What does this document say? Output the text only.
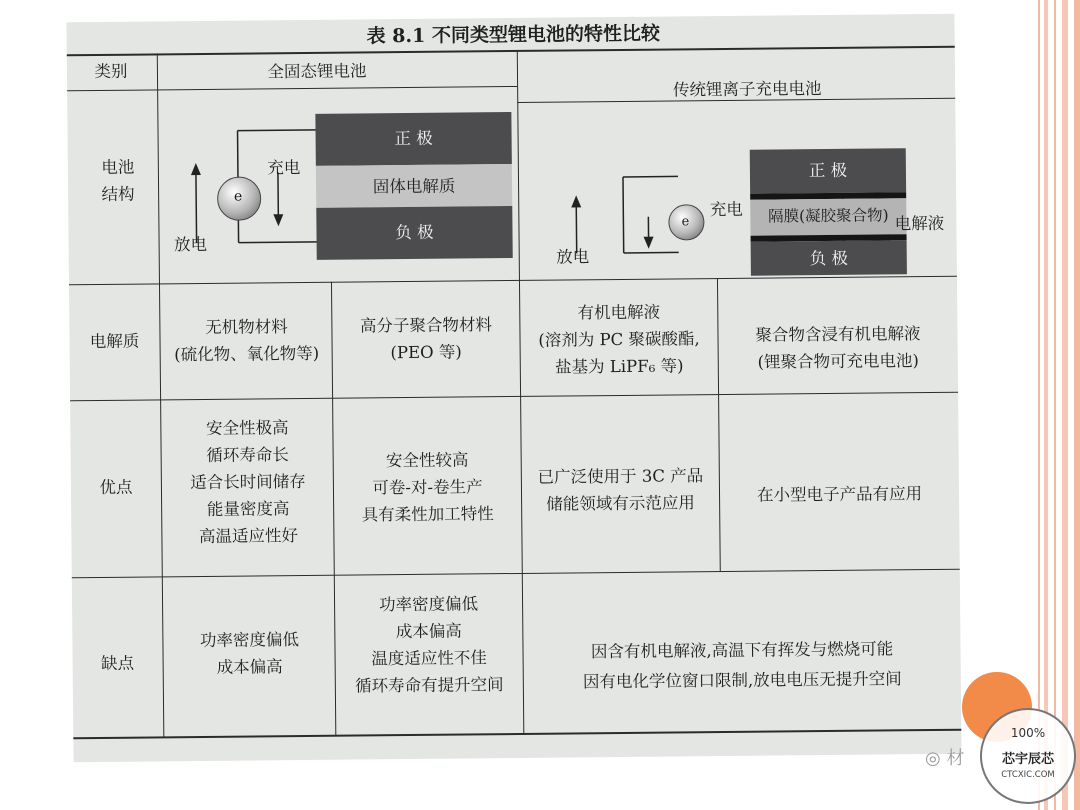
表 8.1 不同类型锂电池的特性比较
类别	全固态锂电池
传统锂离子充电电池
电池
结构
电解质
优点
缺点
e
充电
放电
正 极
固体电解质
负 极
e
充电
放电
正 极
隔膜(凝胶聚合物)
负 极
电解液
无机物材料
(硫化物、氧化物等)
高分子聚合物材料
(PEO 等)
有机电解液
(溶剂为 PC 聚碳酸酯,
盐基为 LiPF₆ 等)
聚合物含浸有机电解液
(锂聚合物可充电电池)
安全性极高
循环寿命长
适合长时间储存
能量密度高
高温适应性好
安全性较高
可卷-对-卷生产
具有柔性加工特性
已广泛使用于 3C 产品
储能领域有示范应用	在小型电子产品有应用
功率密度偏低
成本偏高
功率密度偏低
成本偏高
温度适应性不佳
循环寿命有提升空间
因含有机电解液,高温下有挥发与燃烧可能
因有电化学位窗口限制,放电电压无提升空间
100%
芯宇辰芯
CTCXIC.COM
◎ 材
